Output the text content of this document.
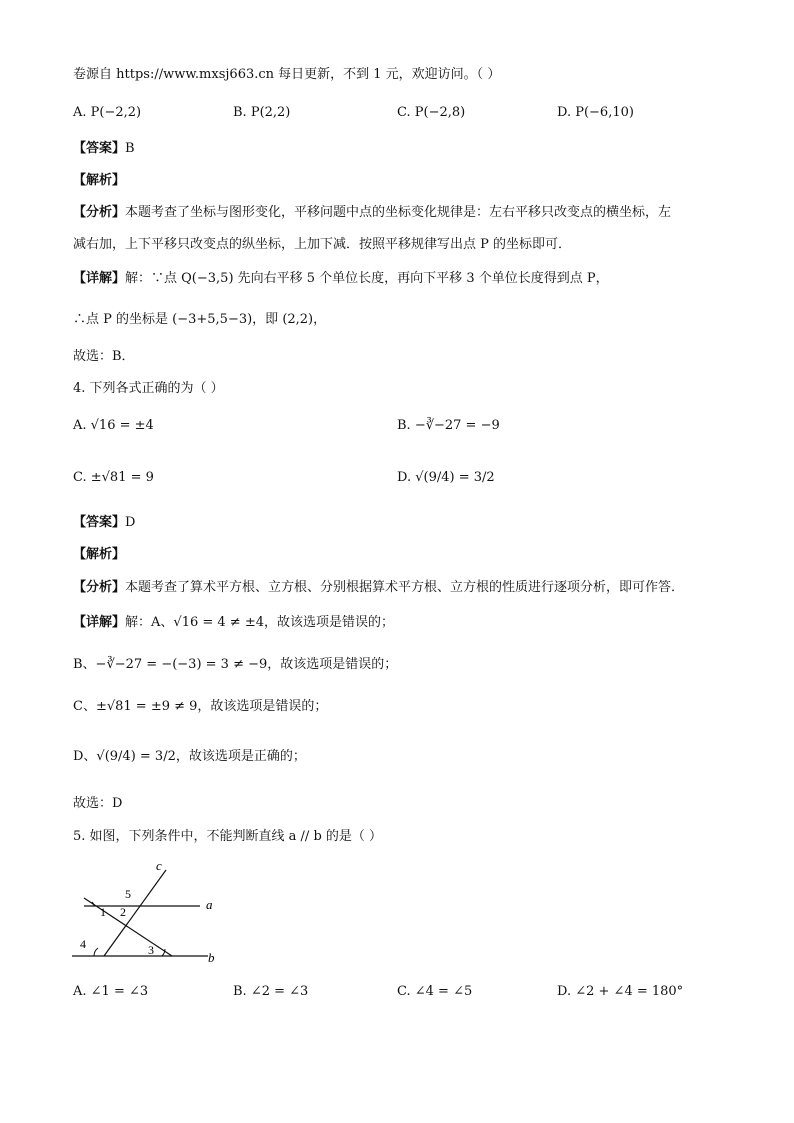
卷源自 https://www.mxsj663.cn 每日更新，不到 1 元，欢迎访问。（ ）
A. P(−2,2)	B. P(2,2)	C. P(−2,8)	D. P(−6,10)
【答案】B
【解析】
【分析】本题考查了坐标与图形变化，平移问题中点的坐标变化规律是：左右平移只改变点的横坐标，左
减右加，上下平移只改变点的纵坐标，上加下减．按照平移规律写出点 P 的坐标即可．
【详解】解：∵点 Q(−3,5) 先向右平移 5 个单位长度，再向下平移 3 个单位长度得到点 P，
∴点 P 的坐标是 (−3+5,5−3)，即 (2,2)，
故选：B．
4. 下列各式正确的为（ ）
A. √16 = ±4	B. −∛−27 = −9
C. ±√81 = 9	D. √(9/4) = 3/2
【答案】D
【解析】
【分析】本题考查了算术平方根、立方根、分别根据算术平方根、立方根的性质进行逐项分析，即可作答．
【详解】解：A、√16 = 4 ≠ ±4，故该选项是错误的；
B、−∛−27 = −(−3) = 3 ≠ −9，故该选项是错误的；
C、±√81 = ±9 ≠ 9，故该选项是错误的；
D、√(9/4) = 3/2，故该选项是正确的；
故选：D
5. 如图，下列条件中，不能判断直线 a // b 的是（ ）
c
a
b
5
1 2
4	3
A. ∠1 = ∠3	B. ∠2 = ∠3	C. ∠4 = ∠5	D. ∠2 + ∠4 = 180°
